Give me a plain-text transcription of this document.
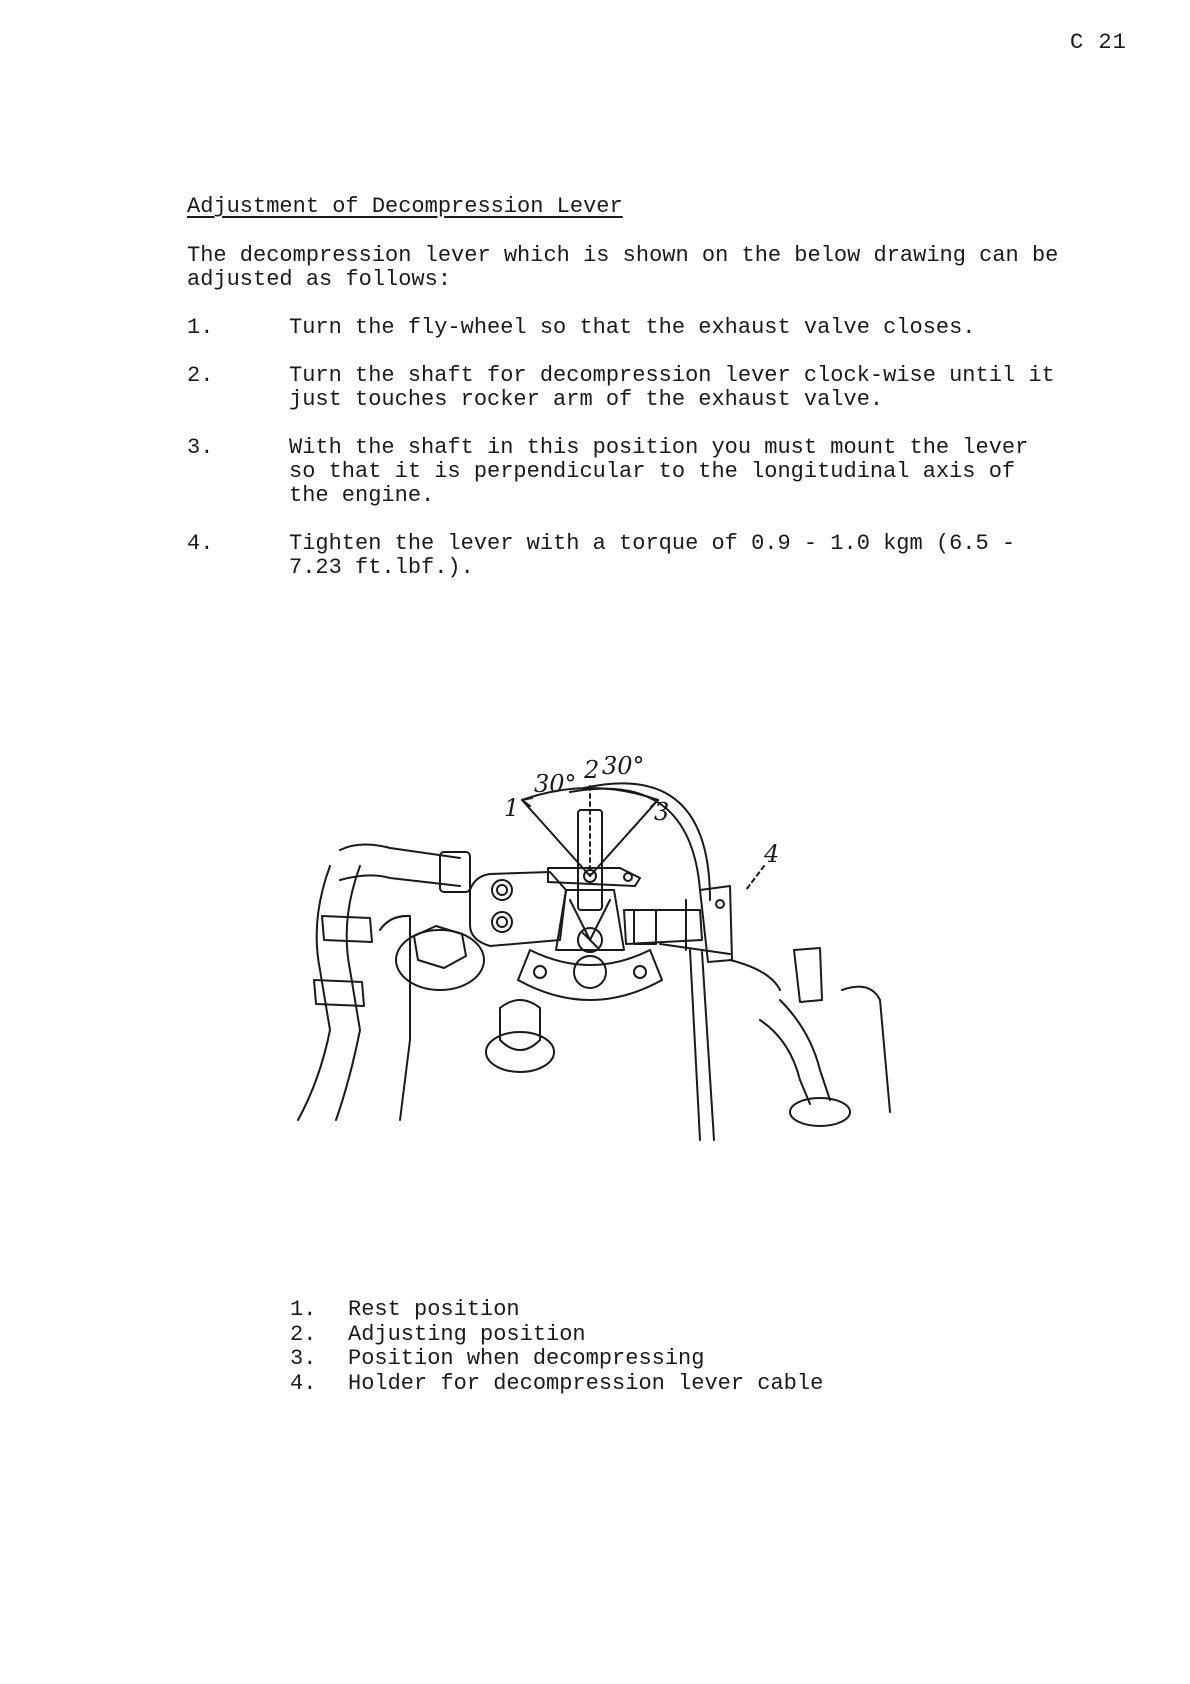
C 21
Adjustment of Decompression Lever
The decompression lever which is shown on the below drawing can be adjusted as follows:
1.	Turn the fly-wheel so that the exhaust valve closes.
2.	Turn the shaft for decompression lever clock-wise until it just touches rocker arm of the exhaust valve.
3.	With the shaft in this position you must mount the lever so that it is perpendicular to the longitudinal axis of the engine.
4.	Tighten the lever with a torque of 0.9 - 1.0 kgm (6.5 - 7.23 ft.lbf.).
30°
30°
1
2
3
4
1.	Rest position
2.	Adjusting position
3.	Position when decompressing
4.	Holder for decompression lever cable
